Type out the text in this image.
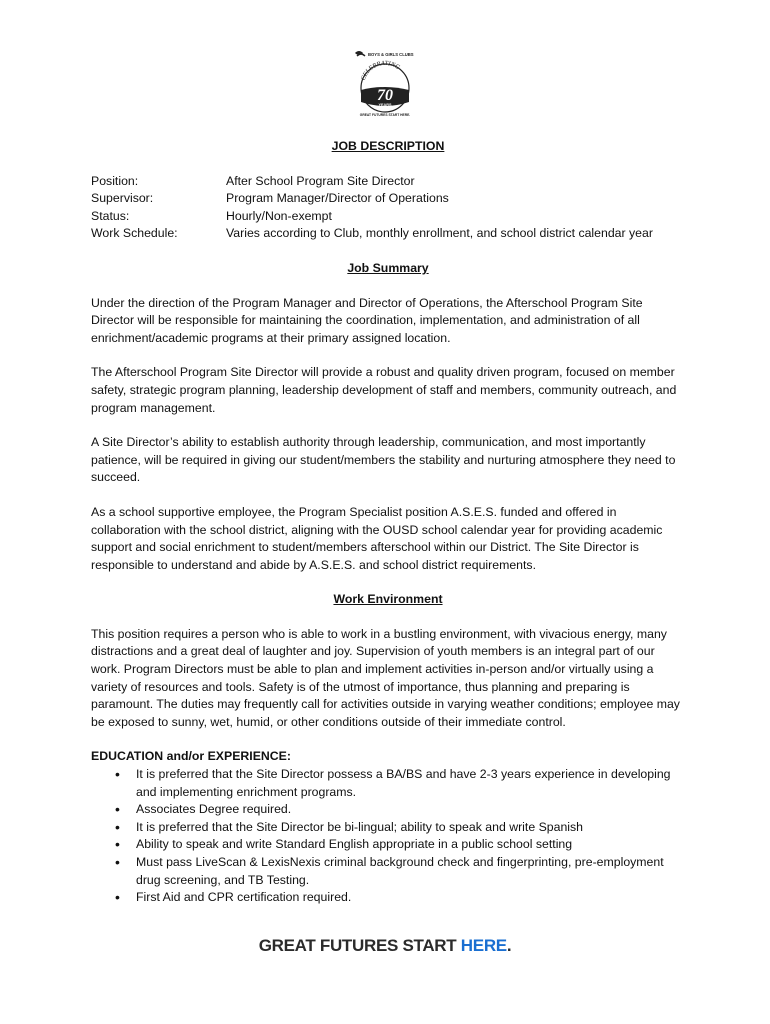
BOYS & GIRLS CLUBS
CELEBRATING
70
YEARS
GREAT FUTURES START HERE.
JOB DESCRIPTION
Position:	After School Program Site Director
Supervisor:	Program Manager/Director of Operations
Status:	Hourly/Non-exempt
Work Schedule:	Varies according to Club, monthly enrollment, and school district calendar year
Job Summary

Under the direction of the Program Manager and Director of Operations, the Afterschool Program Site Director will be responsible for maintaining the coordination, implementation, and administration of all enrichment/academic programs at their primary assigned location.

The Afterschool Program Site Director will provide a robust and quality driven program, focused on member safety, strategic program planning, leadership development of staff and members, community outreach, and program management.

A Site Director’s ability to establish authority through leadership, communication, and most importantly patience, will be required in giving our student/members the stability and nurturing atmosphere they need to succeed.

As a school supportive employee, the Program Specialist position A.S.E.S. funded and offered in collaboration with the school district, aligning with the OUSD school calendar year for providing academic support and social enrichment to student/members afterschool within our District. The Site Director is responsible to understand and abide by A.S.E.S. and school district requirements.

Work Environment

This position requires a person who is able to work in a bustling environment, with vivacious energy, many distractions and a great deal of laughter and joy. Supervision of youth members is an integral part of our work. Program Directors must be able to plan and implement activities in-person and/or virtually using a variety of resources and tools. Safety is of the utmost of importance, thus planning and preparing is paramount. The duties may frequently call for activities outside in varying weather conditions; employee may be exposed to sunny, wet, humid, or other conditions outside of their immediate control.

EDUCATION and/or EXPERIENCE:

• It is preferred that the Site Director possess a BA/BS and have 2-3 years experience in developing and implementing enrichment programs.
• Associates Degree required.
• It is preferred that the Site Director be bi-lingual; ability to speak and write Spanish
• Ability to speak and write Standard English appropriate in a public school setting
• Must pass LiveScan & LexisNexis criminal background check and fingerprinting, pre-employment drug screening, and TB Testing.
• First Aid and CPR certification required.
GREAT FUTURES START HERE.
